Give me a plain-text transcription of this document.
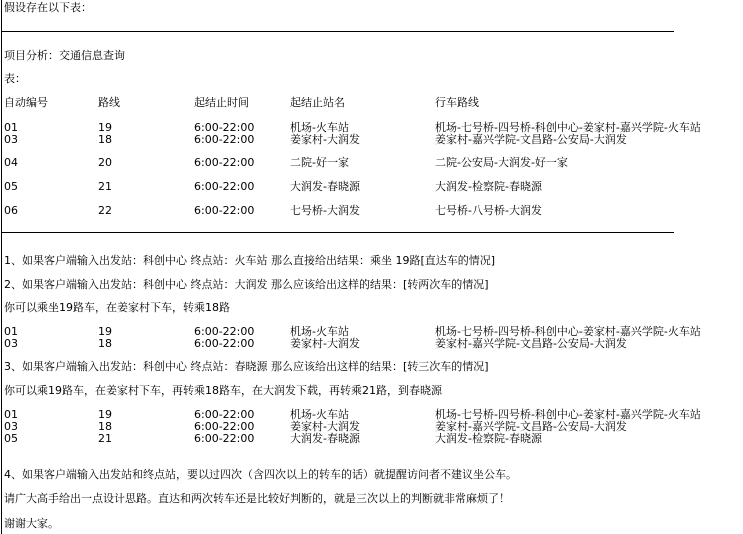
假设存在以下表：
项目分析：交通信息查询
表：
自动编号	路线	起结止时间	起结止站名	行车路线
01	19	6:00-22:00	机场-火车站	机场-七号桥-四号桥-科创中心-姜家村-嘉兴学院-火车站
03	18	6:00-22:00	姜家村-大润发	姜家村-嘉兴学院-文昌路-公安局-大润发
04	20	6:00-22:00	二院-好一家	二院-公安局-大润发-好一家
05	21	6:00-22:00	大润发-春晓源	大润发-检察院-春晓源
06	22	6:00-22:00	七号桥-大润发	七号桥-八号桥-大润发
1、如果客户端输入出发站：科创中心 终点站：火车站 那么直接给出结果：乘坐 19路[直达车的情况]
2、如果客户端输入出发站：科创中心 终点站：大润发 那么应该给出这样的结果：[转两次车的情况]
你可以乘坐19路车，在姜家村下车，转乘18路
01	19	6:00-22:00	机场-火车站	机场-七号桥-四号桥-科创中心-姜家村-嘉兴学院-火车站
03	18	6:00-22:00	姜家村-大润发	姜家村-嘉兴学院-文昌路-公安局-大润发
3、如果客户端输入出发站：科创中心 终点站：春晓源 那么应该给出这样的结果：[转三次车的情况]
你可以乘19路车，在姜家村下车，再转乘18路车，在大润发下载，再转乘21路，到春晓源
01	19	6:00-22:00	机场-火车站	机场-七号桥-四号桥-科创中心-姜家村-嘉兴学院-火车站
03	18	6:00-22:00	姜家村-大润发	姜家村-嘉兴学院-文昌路-公安局-大润发
05	21	6:00-22:00	大润发-春晓源	大润发-检察院-春晓源
4、如果客户端输入出发站和终点站，要以过四次（含四次以上的转车的话）就提醒访问者不建议坐公车。
请广大高手给出一点设计思路。直达和两次转车还是比较好判断的，就是三次以上的判断就非常麻烦了！
谢谢大家。
